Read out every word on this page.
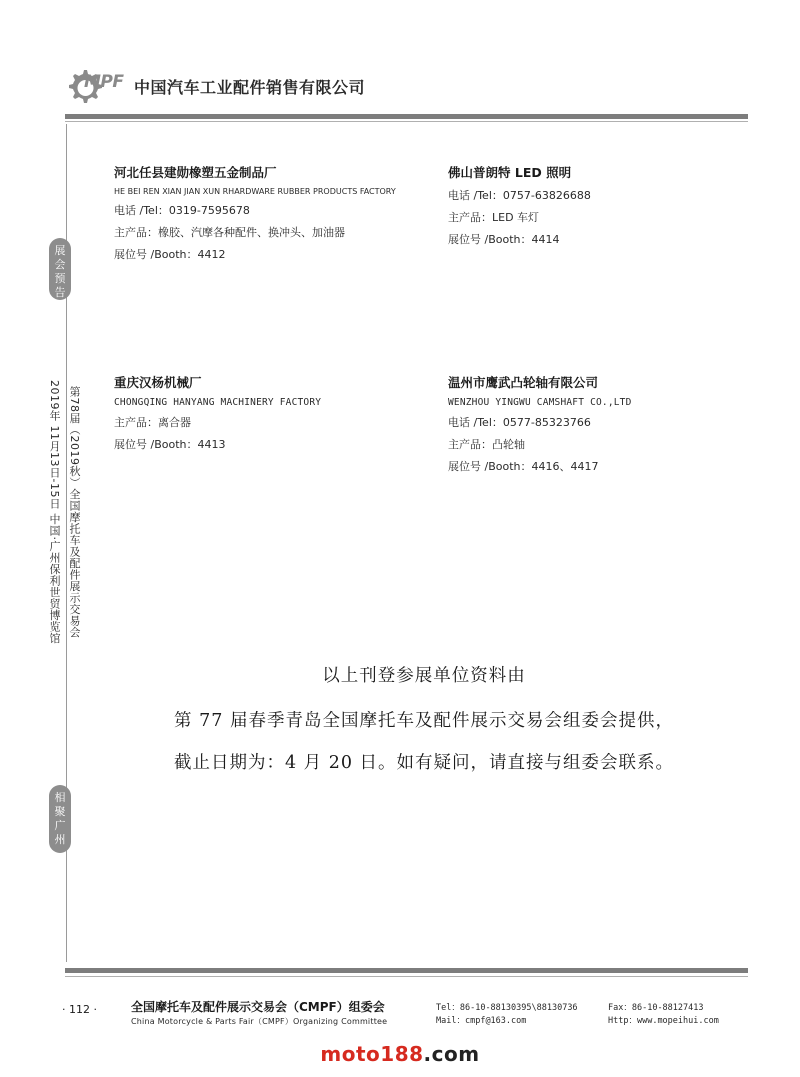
MPF 中国汽车工业配件销售有限公司
展
会
预
告
相
聚
广
州
2019年 11月13日-15日 中国·广州保利世贸博览馆 第78届（2019秋）全国摩托车及配件展示交易会
河北任县建勋橡塑五金制品厂
HE BEI REN XIAN JIAN XUN RHARDWARE RUBBER PRODUCTS FACTORY
电话 /Tel：0319-7595678
主产品：橡胶、汽摩各种配件、换冲头、加油器
展位号 /Booth：4412
佛山普朗特 LED 照明
电话 /Tel：0757-63826688
主产品：LED 车灯
展位号 /Booth：4414
重庆汉杨机械厂
CHONGQING HANYANG MACHINERY FACTORY
主产品：离合器
展位号 /Booth：4413
温州市鹰武凸轮轴有限公司
WENZHOU YINGWU CAMSHAFT CO.,LTD
电话 /Tel：0577-85323766
主产品：凸轮轴
展位号 /Booth：4416、4417
以上刊登参展单位资料由
第 77 届春季青岛全国摩托车及配件展示交易会组委会提供，
截止日期为：4 月 20 日。如有疑问，请直接与组委会联系。
· 112 ·	全国摩托车及配件展示交易会（CMPF）组委会
China Motorcycle & Parts Fair（CMPF）Organizing Committee
Tel：86-10-88130395\88130736
Mail：cmpf@163.com
Fax：86-10-88127413
Http：www.mopeihui.com
moto188.com
